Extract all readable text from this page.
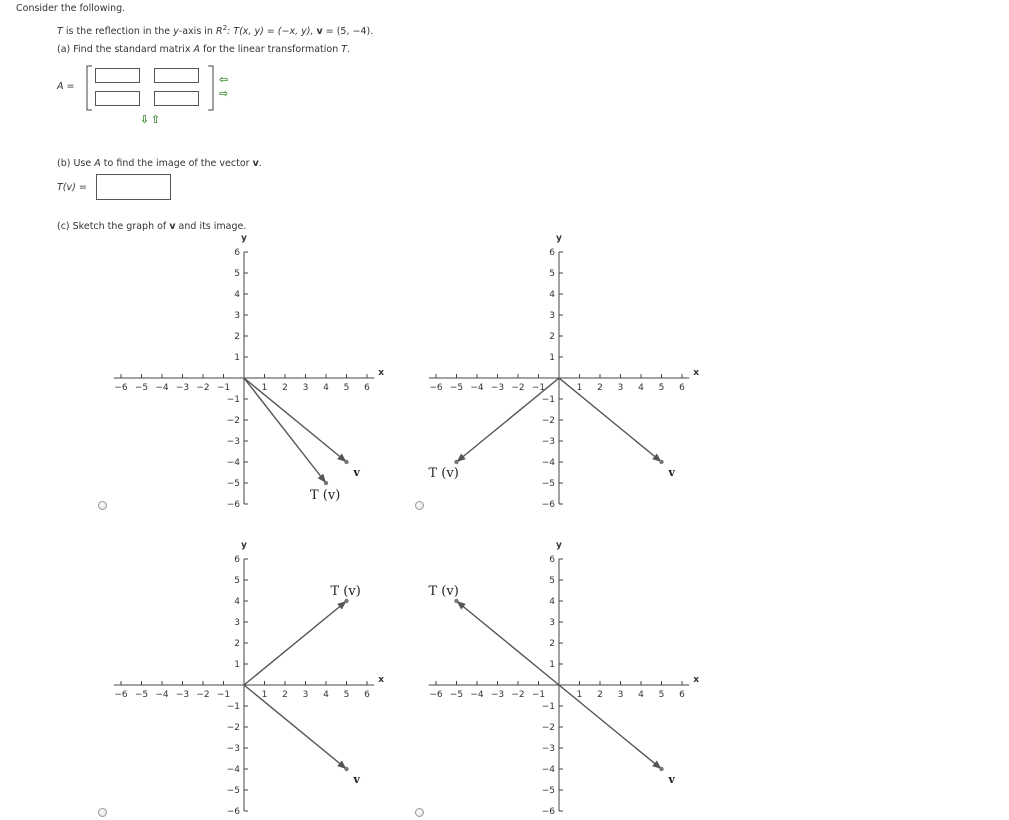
Consider the following.
T is the reflection in the y-axis in $R^2$: T(x, y) = (−x, y), v = (5, −4).
(a) Find the standard matrix A for the linear transformation T.
A =
⇦
⇨
⇩ ⇧
(b) Use A to find the image of the vector v.
T(v) =
(c) Sketch the graph of v and its image.
x
y
−6
−6
−5
−5
−4
−4
−3
−3
−2
−2
−1
−1
1
1
2
2
3
3
4
4
5
5
6
6
v
T (v)
x
y
−6
−6
−5
−5
−4
−4
−3
−3
−2
−2
−1
−1
1
1
2
2
3
3
4
4
5
5
6
6
v
T (v)
x
y
−6
−6
−5
−5
−4
−4
−3
−3
−2
−2
−1
−1
1
1
2
2
3
3
4
4
5
5
6
6
v
T (v)
x
y
−6
−6
−5
−5
−4
−4
−3
−3
−2
−2
−1
−1
1
1
2
2
3
3
4
4
5
5
6
6
v
T (v)
